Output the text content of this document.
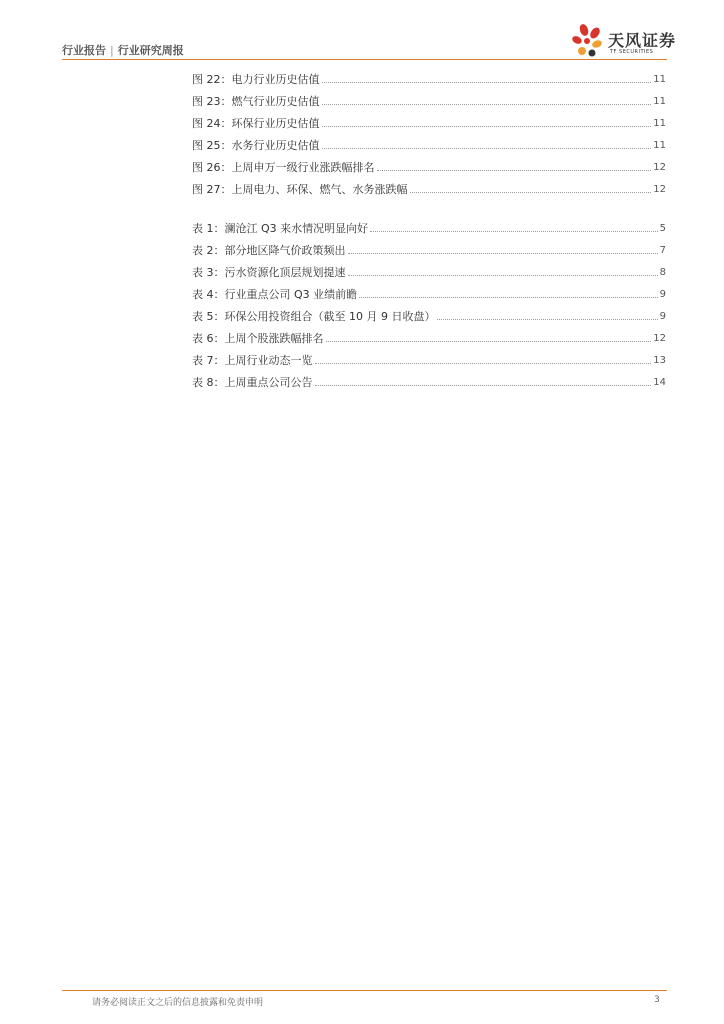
行业报告 | 行业研究周报
天风证券
TF SECURITIES
图 22：电力行业历史估值	11
图 23：燃气行业历史估值	11
图 24：环保行业历史估值	11
图 25：水务行业历史估值	11
图 26：上周申万一级行业涨跌幅排名	12
图 27：上周电力、环保、燃气、水务涨跌幅	12
表 1：澜沧江 Q3 来水情况明显向好	5
表 2：部分地区降气价政策频出	7
表 3：污水资源化顶层规划提速	8
表 4：行业重点公司 Q3 业绩前瞻	9
表 5：环保公用投资组合（截至 10 月 9 日收盘）	9
表 6：上周个股涨跌幅排名	12
表 7：上周行业动态一览	13
表 8：上周重点公司公告	14
请务必阅读正文之后的信息披露和免责申明	3
